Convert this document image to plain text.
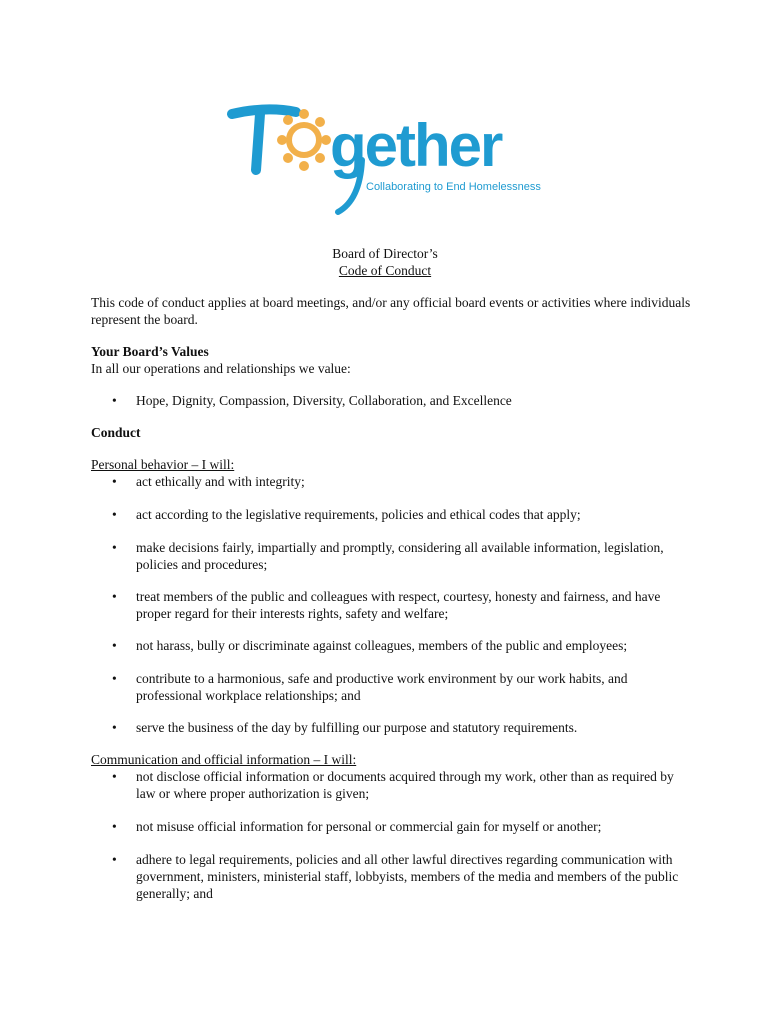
gether
Collaborating to End Homelessness
Board of Director’s
Code of Conduct
This code of conduct applies at board meetings, and/or any official board events or activities where individuals represent the board.
Your Board’s Values
In all our operations and relationships we value:
•	Hope, Dignity, Compassion, Diversity, Collaboration, and Excellence
Conduct
Personal behavior – I will:
•	act ethically and with integrity;
•	act according to the legislative requirements, policies and ethical codes that apply;
•	make decisions fairly, impartially and promptly, considering all available information, legislation, policies and procedures;
•	treat members of the public and colleagues with respect, courtesy, honesty and fairness, and have proper regard for their interests rights, safety and welfare;
•	not harass, bully or discriminate against colleagues, members of the public and employees;
•	contribute to a harmonious, safe and productive work environment by our work habits, and professional workplace relationships; and
•	serve the business of the day by fulfilling our purpose and statutory requirements.
Communication and official information – I will:
•	not disclose official information or documents acquired through my work, other than as required by law or where proper authorization is given;
•	not misuse official information for personal or commercial gain for myself or another;
•	adhere to legal requirements, policies and all other lawful directives regarding communication with government, ministers, ministerial staff, lobbyists, members of the media and members of the public generally; and
